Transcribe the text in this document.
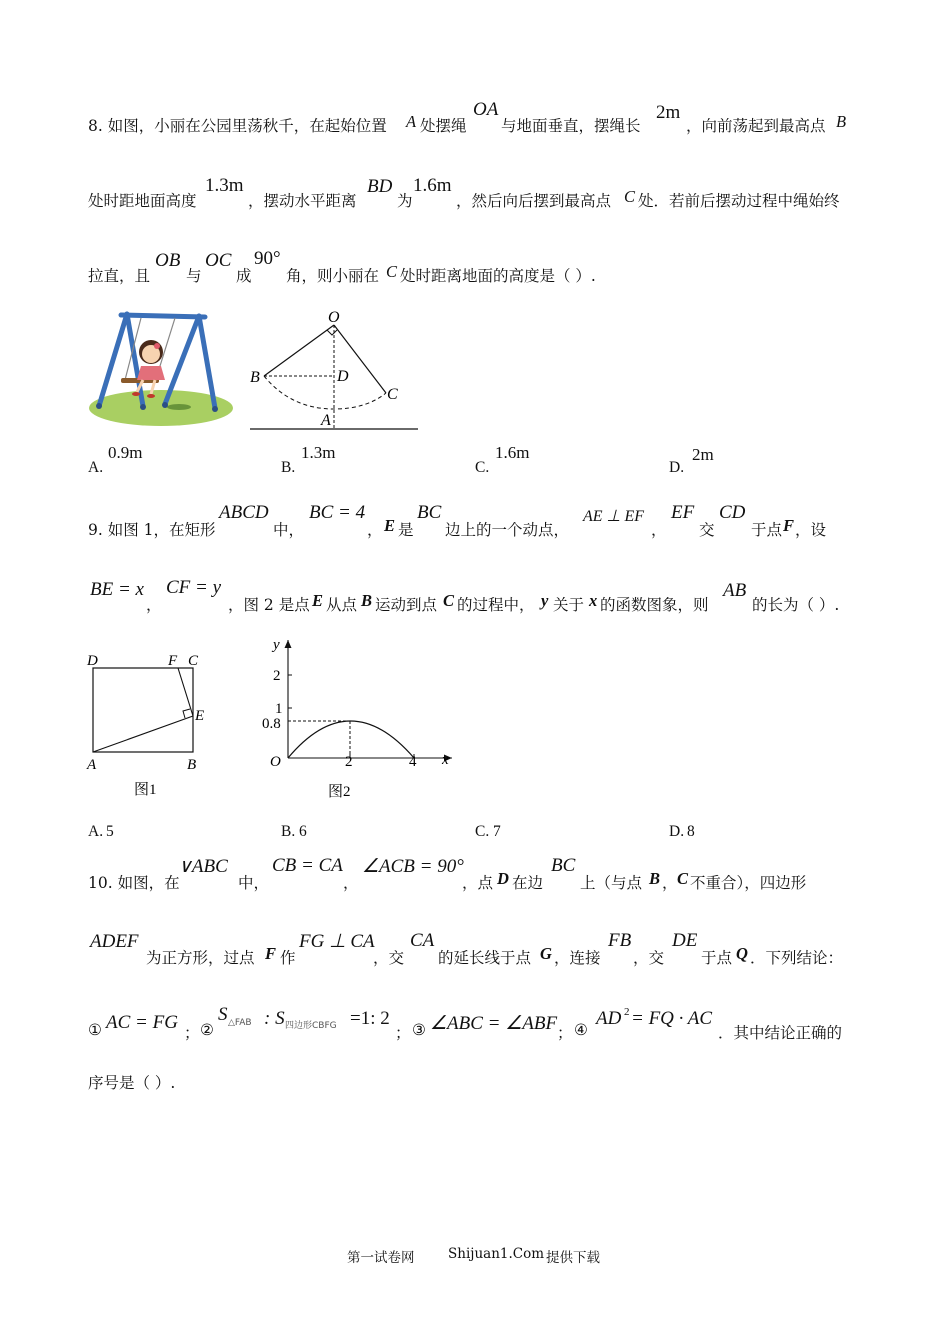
8. 如图，小丽在公园里荡秋千，在起始位置 A 处摆绳
OA
与地面垂直，摆绳长
2m
，向前荡起到最高点 B
处时距地面高度
1.3m
，摆动水平距离
BD
为
1.6m
，然后向后摆到最高点 C 处．若前后摆动过程中绳始终
拉直，且
OB
与
OC
成
90°
角，则小丽在 C 处时距离地面的高度是（ ）.
O
B	D
C
A
A.
0.9m
B.
1.3m
C.
1.6m
D.
2m
9. 如图 1，在矩形
ABCD
中，
BC = 4
， E 是
BC
边上的一个动点，
AE ⊥ EF
，
EF
交
CD
于点 F ，设
BE = x
，
CF = y
，图 2 是点 E 从点 B 运动到点 C 的过程中， y 关于 x 的函数图象，则
AB
的长为（ ）.
D	F C
E
A	B
图1
y
x
2
1
0.8
O	2	4
图2
A. 5	B. 6	C. 7	D. 8
10. 如图，在
∨ABC
中，
CB = CA
，
∠ACB = 90°
，点 D 在边
BC
上（与点 B ， C 不重合），四边形
ADEF
为正方形，过点 F 作
FG ⊥ CA
，交
CA
的延长线于点 G ，连接
FB
，交
DE
于点 Q ．下列结论：
① AC = FG ； ②
S △FAB : S 四边形CBFG =1: 2
； ③ ∠ABC = ∠ABF ； ④
AD 2 = FQ · AC
．其中结论正确的
序号是（ ）.
第一试卷网 Shijuan1.Com 提供下载
